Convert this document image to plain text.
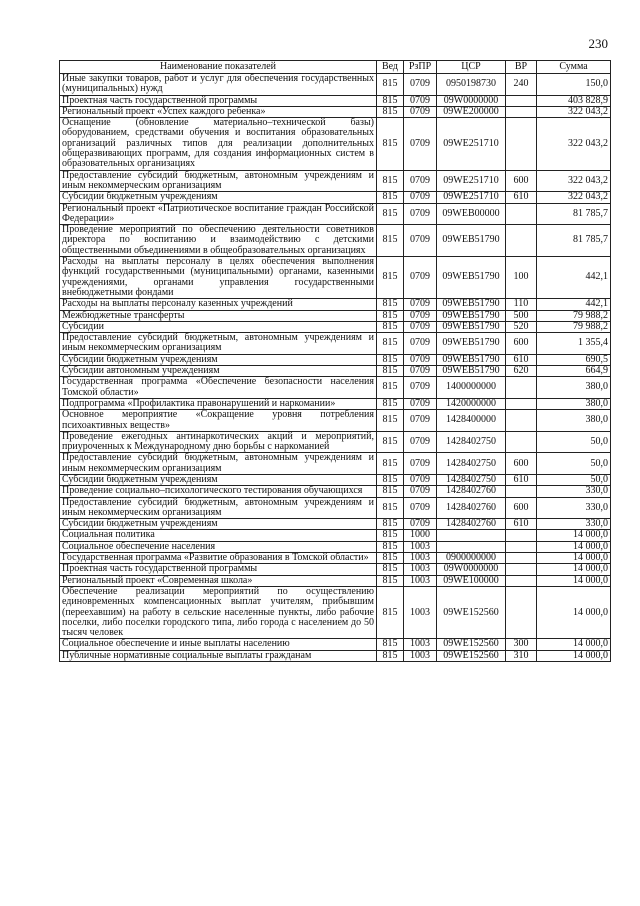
230
Наименование показателей	Вед	РзПР	ЦСР	ВР	Сумма
Иные закупки товаров, работ и услуг для обеспечения государственных (муниципальных) нужд	815	0709	0950198730	240	150,0
Проектная часть государственной программы	815	0709	09W0000000		403 828,9
Региональный проект «Успех каждого ребенка»	815	0709	09WE200000		322 043,2
Оснащение (обновление материально–технической базы) оборудованием, средствами обучения и воспитания образовательных организаций различных типов для реализации дополнительных общеразвивающих программ, для создания информационных систем в образовательных организациях	815	0709	09WE251710		322 043,2
Предоставление субсидий бюджетным, автономным учреждениям и иным некоммерческим организациям	815	0709	09WE251710	600	322 043,2
Субсидии бюджетным учреждениям	815	0709	09WE251710	610	322 043,2
Региональный проект «Патриотическое воспитание граждан Российской Федерации»	815	0709	09WEB00000		81 785,7
Проведение мероприятий по обеспечению деятельности советников директора по воспитанию и взаимодействию с детскими общественными объединениями в общеобразовательных организациях	815	0709	09WEB51790		81 785,7
Расходы на выплаты персоналу в целях обеспечения выполнения функций государственными (муниципальными) органами, казенными учреждениями, органами управления государственными внебюджетными фондами	815	0709	09WEB51790	100	442,1
Расходы на выплаты персоналу казенных учреждений	815	0709	09WEB51790	110	442,1
Межбюджетные трансферты	815	0709	09WEB51790	500	79 988,2
Субсидии	815	0709	09WEB51790	520	79 988,2
Предоставление субсидий бюджетным, автономным учреждениям и иным некоммерческим организациям	815	0709	09WEB51790	600	1 355,4
Субсидии бюджетным учреждениям	815	0709	09WEB51790	610	690,5
Субсидии автономным учреждениям	815	0709	09WEB51790	620	664,9
Государственная программа «Обеспечение безопасности населения Томской области»	815	0709	1400000000		380,0
Подпрограмма «Профилактика правонарушений и наркомании»	815	0709	1420000000		380,0
Основное мероприятие «Сокращение уровня потребления психоактивных веществ»	815	0709	1428400000		380,0
Проведение ежегодных антинаркотических акций и мероприятий, приуроченных к Международному дню борьбы с наркоманией	815	0709	1428402750		50,0
Предоставление субсидий бюджетным, автономным учреждениям и иным некоммерческим организациям	815	0709	1428402750	600	50,0
Субсидии бюджетным учреждениям	815	0709	1428402750	610	50,0
Проведение социально–психологического тестирования обучающихся	815	0709	1428402760		330,0
Предоставление субсидий бюджетным, автономным учреждениям и иным некоммерческим организациям	815	0709	1428402760	600	330,0
Субсидии бюджетным учреждениям	815	0709	1428402760	610	330,0
Социальная политика	815	1000			14 000,0
Социальное обеспечение населения	815	1003			14 000,0
Государственная программа «Развитие образования в Томской области»	815	1003	0900000000		14 000,0
Проектная часть государственной программы	815	1003	09W0000000		14 000,0
Региональный проект «Современная школа»	815	1003	09WE100000		14 000,0
Обеспечение реализации мероприятий по осуществлению единовременных компенсационных выплат учителям, прибывшим (переехавшим) на работу в сельские населенные пункты, либо рабочие поселки, либо поселки городского типа, либо города с населением до 50 тысяч человек	815	1003	09WE152560		14 000,0
Социальное обеспечение и иные выплаты населению	815	1003	09WE152560	300	14 000,0
Публичные нормативные социальные выплаты гражданам	815	1003	09WE152560	310	14 000,0
